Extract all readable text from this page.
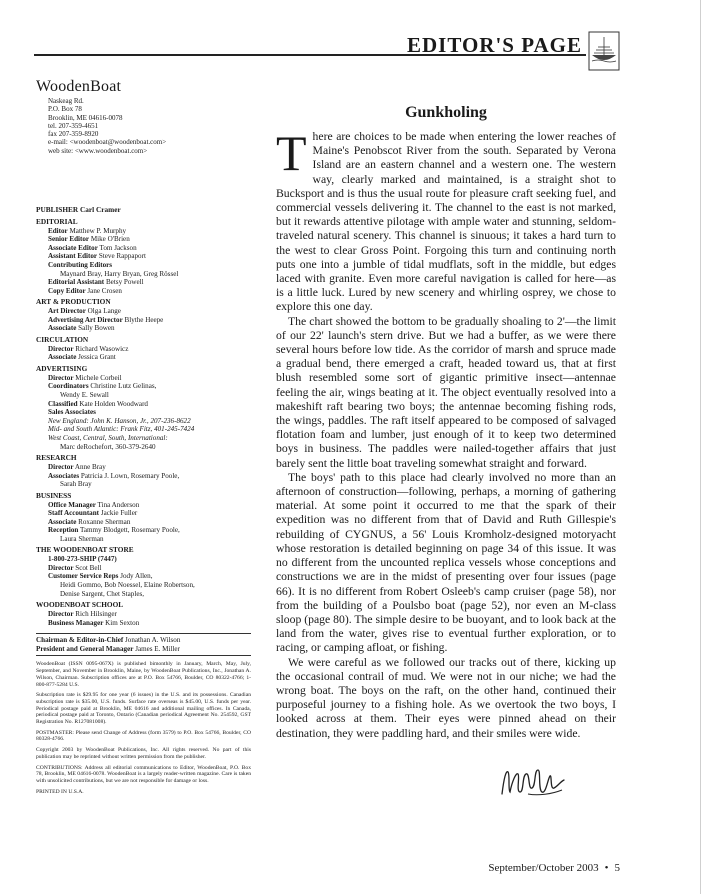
EDITOR'S PAGE
WoodenBoat
Naskeag Rd.
P.O. Box 78
Brooklin, ME 04616-0078
tel. 207-359-4651
fax 207-359-8920
e-mail: <woodenboat@woodenboat.com>
web site: <www.woodenboat.com>
PUBLISHER Carl Cramer
EDITORIAL
Editor Matthew P. Murphy
Senior Editor Mike O'Brien
Associate Editor Tom Jackson
Assistant Editor Steve Rappaport
Contributing Editors
Maynard Bray, Harry Bryan, Greg Rössel
Editorial Assistant Betsy Powell
Copy Editor Jane Crosen
ART & PRODUCTION
Art Director Olga Lange
Advertising Art Director Blythe Heepe
Associate Sally Bowen
CIRCULATION
Director Richard Wasowicz
Associate Jessica Grant
ADVERTISING
Director Michele Corbeil
Coordinators Christine Lutz Gelinas,
Wendy E. Sewall
Classified Kate Holden Woodward
Sales Associates
New England: John K. Hanson, Jr., 207-236-8622
Mid- and South Atlantic: Frank Fitz, 401-245-7424
West Coast, Central, South, International:
Marc deRochefort, 360-379-2640
RESEARCH
Director Anne Bray
Associates Patricia J. Lown, Rosemary Poole,
Sarah Bray
BUSINESS
Office Manager Tina Anderson
Staff Accountant Jackie Fuller
Associate Roxanne Sherman
Reception Tammy Blodgett, Rosemary Poole,
Laura Sherman
THE WOODENBOAT STORE
1-800-273-SHIP (7447)
Director Scot Bell
Customer Service Reps Jody Allen,
Heidi Gommo, Bob Noessel, Elaine Robertson,
Denise Sargent, Chet Staples,
WOODENBOAT SCHOOL
Director Rich Hilsinger
Business Manager Kim Sexton
Chairman & Editor-in-Chief Jonathan A. Wilson
President and General Manager James E. Miller

WoodenBoat (ISSN 0095-067X) is published bimonthly in January, March, May, July, September, and November in Brooklin, Maine, by WoodenBoat Publications, Inc., Jonathan A. Wilson, Chairman. Subscription offices are at P.O. Box 54766, Boulder, CO 80322-4766; 1-800-877-5284 U.S.

Subscription rate is $29.95 for one year (6 issues) in the U.S. and its possessions. Canadian subscription rate is $35.00, U.S. funds. Surface rate overseas is $45.00, U.S. funds per year. Periodical postage paid at Brooklin, ME 04616 and additional mailing offices. In Canada, periodical postage paid at Toronto, Ontario (Canadian periodical Agreement No. 254592, GST Registration No. R127081008).

POSTMASTER: Please send Change of Address (form 3579) to P.O. Box 54766, Boulder, CO 80328-4766.

Copyright 2003 by WoodenBoat Publications, Inc. All rights reserved. No part of this publication may be reprinted without written permission from the publisher.

CONTRIBUTIONS: Address all editorial communications to Editor, WoodenBoat, P.O. Box 78, Brooklin, ME 04616-0078. WoodenBoat is a largely reader-written magazine. Care is taken with unsolicited contributions, but we are not responsible for damage or loss.

PRINTED IN U.S.A.

Gunkholing

There are choices to be made when entering the lower reaches of Maine's Penobscot River from the south. Separated by Verona Island are an eastern channel and a western one. The western way, clearly marked and maintained, is a straight shot to Bucksport and is thus the usual route for pleasure craft seeking fuel, and commercial vessels delivering it. The channel to the east is not marked, but it rewards attentive pilotage with ample water and stunning, seldom-traveled natural scenery. This channel is sinuous; it takes a hard turn to the west to clear Gross Point. Forgoing this turn and continuing north puts one into a jumble of tidal mudflats, soft in the middle, but edges laced with granite. Even more careful navigation is called for here—as is a little luck. Lured by new scenery and whirling osprey, we chose to explore this one day.

The chart showed the bottom to be gradually shoaling to 2'—the limit of our 22' launch's stern drive. But we had a buffer, as we were there several hours before low tide. As the corridor of marsh and spruce made a gradual bend, there emerged a craft, headed toward us, that at first blush resembled some sort of gigantic primitive insect—antennae feeling the air, wings beating at it. The object eventually resolved into a makeshift raft bearing two boys; the antennae becoming fishing rods, the wings, paddles. The raft itself appeared to be composed of salvaged flotation foam and lumber, just enough of it to keep two determined boys in business. The paddles were nailed-together affairs that just barely sent the little boat traveling somewhat straight and forward.

The boys' path to this place had clearly involved no more than an afternoon of construction—following, perhaps, a morning of gathering material. At some point it occurred to me that the spark of their expedition was no different from that of David and Ruth Gillespie's rebuilding of CYGNUS, a 56' Louis Kromholz-designed motoryacht whose restoration is detailed beginning on page 34 of this issue. It was no different from the uncounted replica vessels whose conceptions and constructions we are in the midst of presenting over four issues (page 66). It is no different from Robert Osleeb's camp cruiser (page 58), nor from the building of a Poulsbo boat (page 52), nor even an M-class sloop (page 80). The simple desire to be buoyant, and to look back at the land from the water, gives rise to eventual further exploration, or to racing, or camping afloat, or fishing.

We were careful as we followed our tracks out of there, kicking up the occasional contrail of mud. We were not in our niche; we had the wrong boat. The boys on the raft, on the other hand, continued their purposeful journey to a fishing hole. As we overtook the two boys, I looked across at them. Their eyes were pinned ahead on their destination, they were paddling hard, and their smiles were wide.

September/October 2003 • 5
